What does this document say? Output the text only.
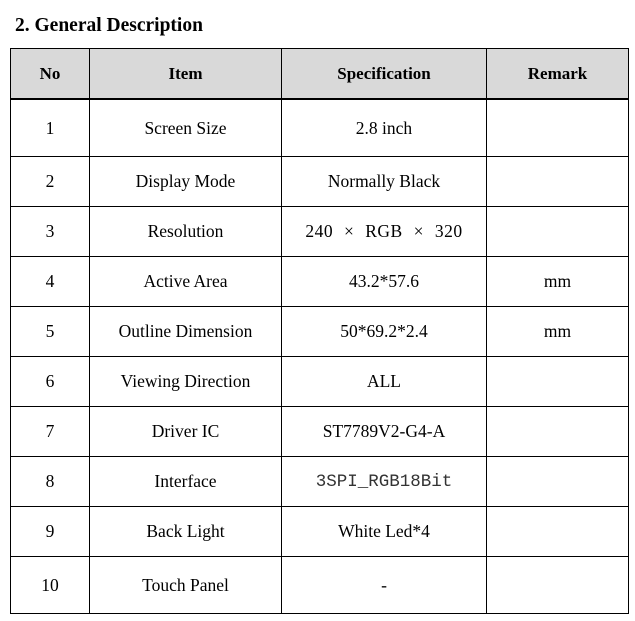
2. General Description
No	Item	Specification	Remark
1	Screen Size	2.8 inch	
2	Display Mode	Normally Black	
3	Resolution	240 × RGB × 320	
4	Active Area	43.2*57.6	mm
5	Outline Dimension	50*69.2*2.4	mm
6	Viewing Direction	ALL	
7	Driver IC	ST7789V2-G4-A	
8	Interface	3SPI_RGB18Bit	
9	Back Light	White Led*4	
10	Touch Panel	-	
